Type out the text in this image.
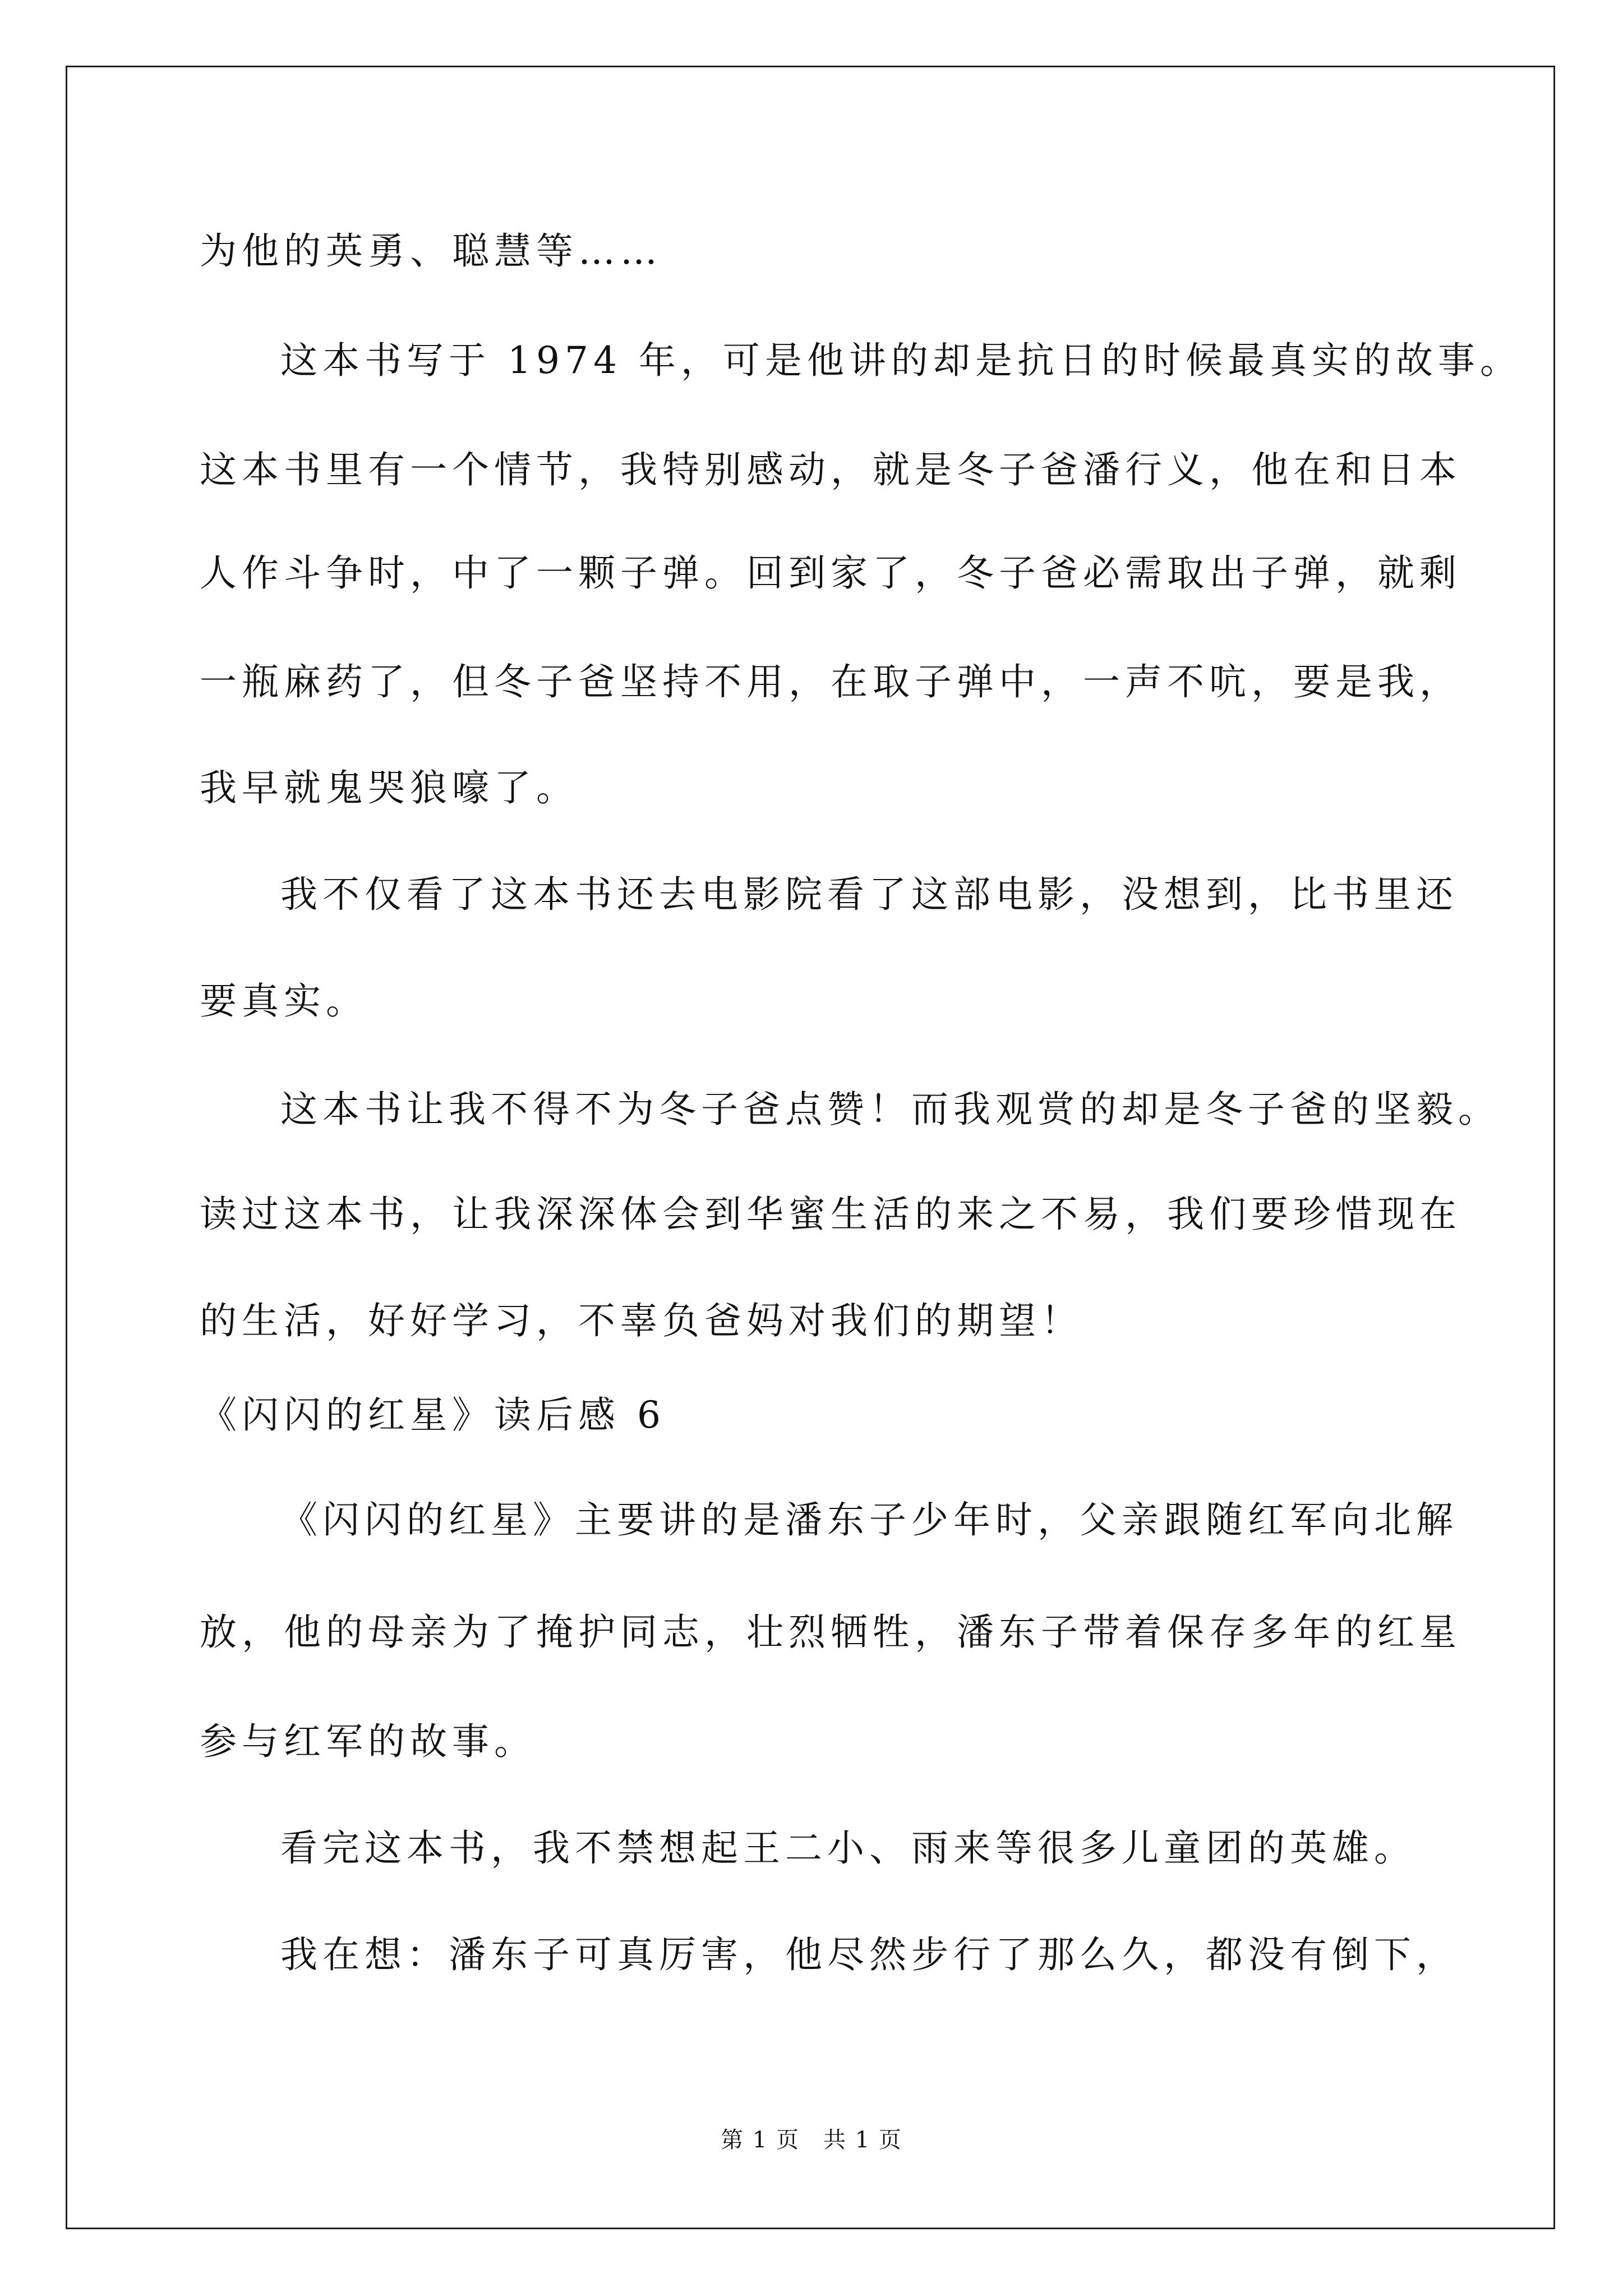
为他的英勇、聪慧等……
这本书写于 1974 年，可是他讲的却是抗日的时候最真实的故事。
这本书里有一个情节，我特别感动，就是冬子爸潘行义，他在和日本
人作斗争时，中了一颗子弹。回到家了，冬子爸必需取出子弹，就剩
一瓶麻药了，但冬子爸坚持不用，在取子弹中，一声不吭，要是我，
我早就鬼哭狼嚎了。
我不仅看了这本书还去电影院看了这部电影，没想到，比书里还
要真实。
这本书让我不得不为冬子爸点赞！而我观赏的却是冬子爸的坚毅。
读过这本书，让我深深体会到华蜜生活的来之不易，我们要珍惜现在
的生活，好好学习，不辜负爸妈对我们的期望！
《闪闪的红星》读后感 6
《闪闪的红星》主要讲的是潘东子少年时，父亲跟随红军向北解
放，他的母亲为了掩护同志，壮烈牺牲，潘东子带着保存多年的红星
参与红军的故事。
看完这本书，我不禁想起王二小、雨来等很多儿童团的英雄。
我在想：潘东子可真厉害，他尽然步行了那么久，都没有倒下，
第 1 页　共 1 页
